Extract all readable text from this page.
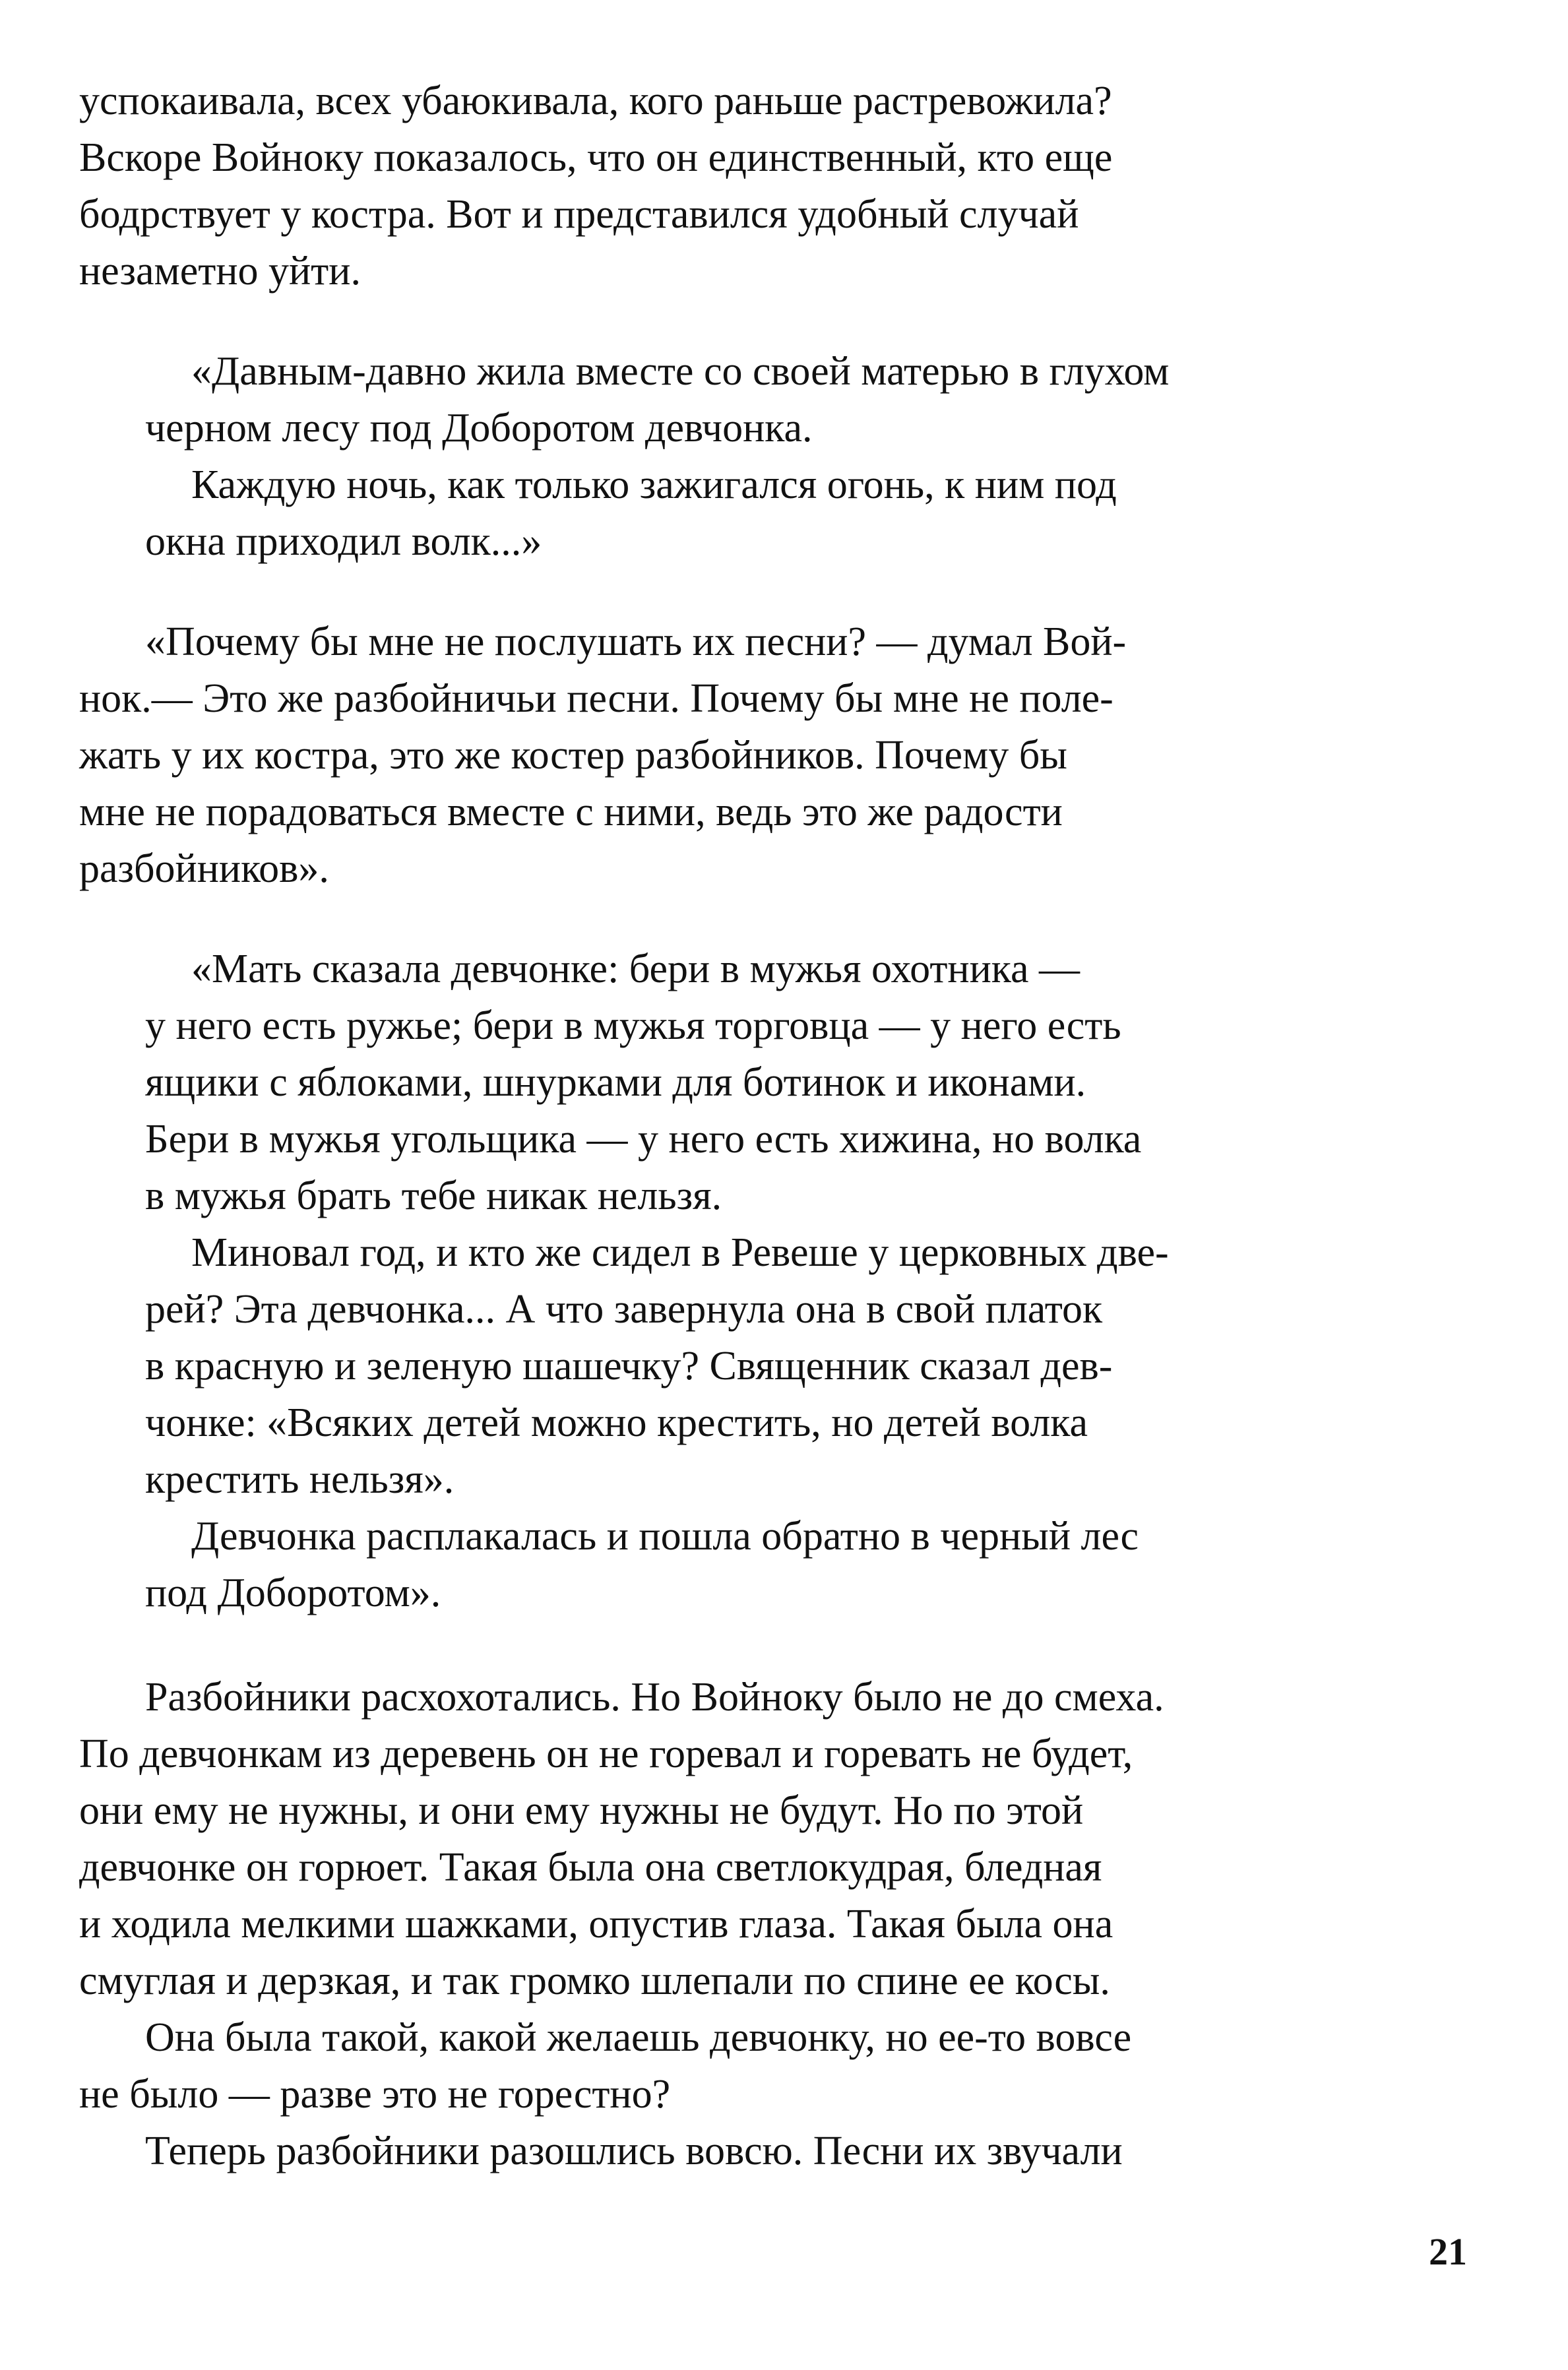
успокаивала, всех убаюкивала, кого раньше растревожила?

Вскоре Войноку показалось, что он единственный, кто еще

бодрствует у костра. Вот и представился удобный случай

незаметно уйти.

«Давным-давно жила вместе со своей матерью в глухом

черном лесу под Доборотом девчонка.

Каждую ночь, как только зажигался огонь, к ним под

окна приходил волк...»

«Почему бы мне не послушать их песни? — думал Вой-

нок.— Это же разбойничьи песни. Почему бы мне не поле-

жать у их костра, это же костер разбойников. Почему бы

мне не порадоваться вместе с ними, ведь это же радости

разбойников».

«Мать сказала девчонке: бери в мужья охотника —

у него есть ружье; бери в мужья торговца — у него есть

ящики с яблоками, шнурками для ботинок и иконами.

Бери в мужья угольщика — у него есть хижина, но волка

в мужья брать тебе никак нельзя.

Миновал год, и кто же сидел в Ревеше у церковных две-

рей? Эта девчонка... А что завернула она в свой платок

в красную и зеленую шашечку? Священник сказал дев-

чонке: «Всяких детей можно крестить, но детей волка

крестить нельзя».

Девчонка расплакалась и пошла обратно в черный лес

под Доборотом».

Разбойники расхохотались. Но Войноку было не до смеха.

По девчонкам из деревень он не горевал и горевать не будет,

они ему не нужны, и они ему нужны не будут. Но по этой

девчонке он горюет. Такая была она светлокудрая, бледная

и ходила мелкими шажками, опустив глаза. Такая была она

смуглая и дерзкая, и так громко шлепали по спине ее косы.

Она была такой, какой желаешь девчонку, но ее-то вовсе

не было — разве это не горестно?

Теперь разбойники разошлись вовсю. Песни их звучали

21
